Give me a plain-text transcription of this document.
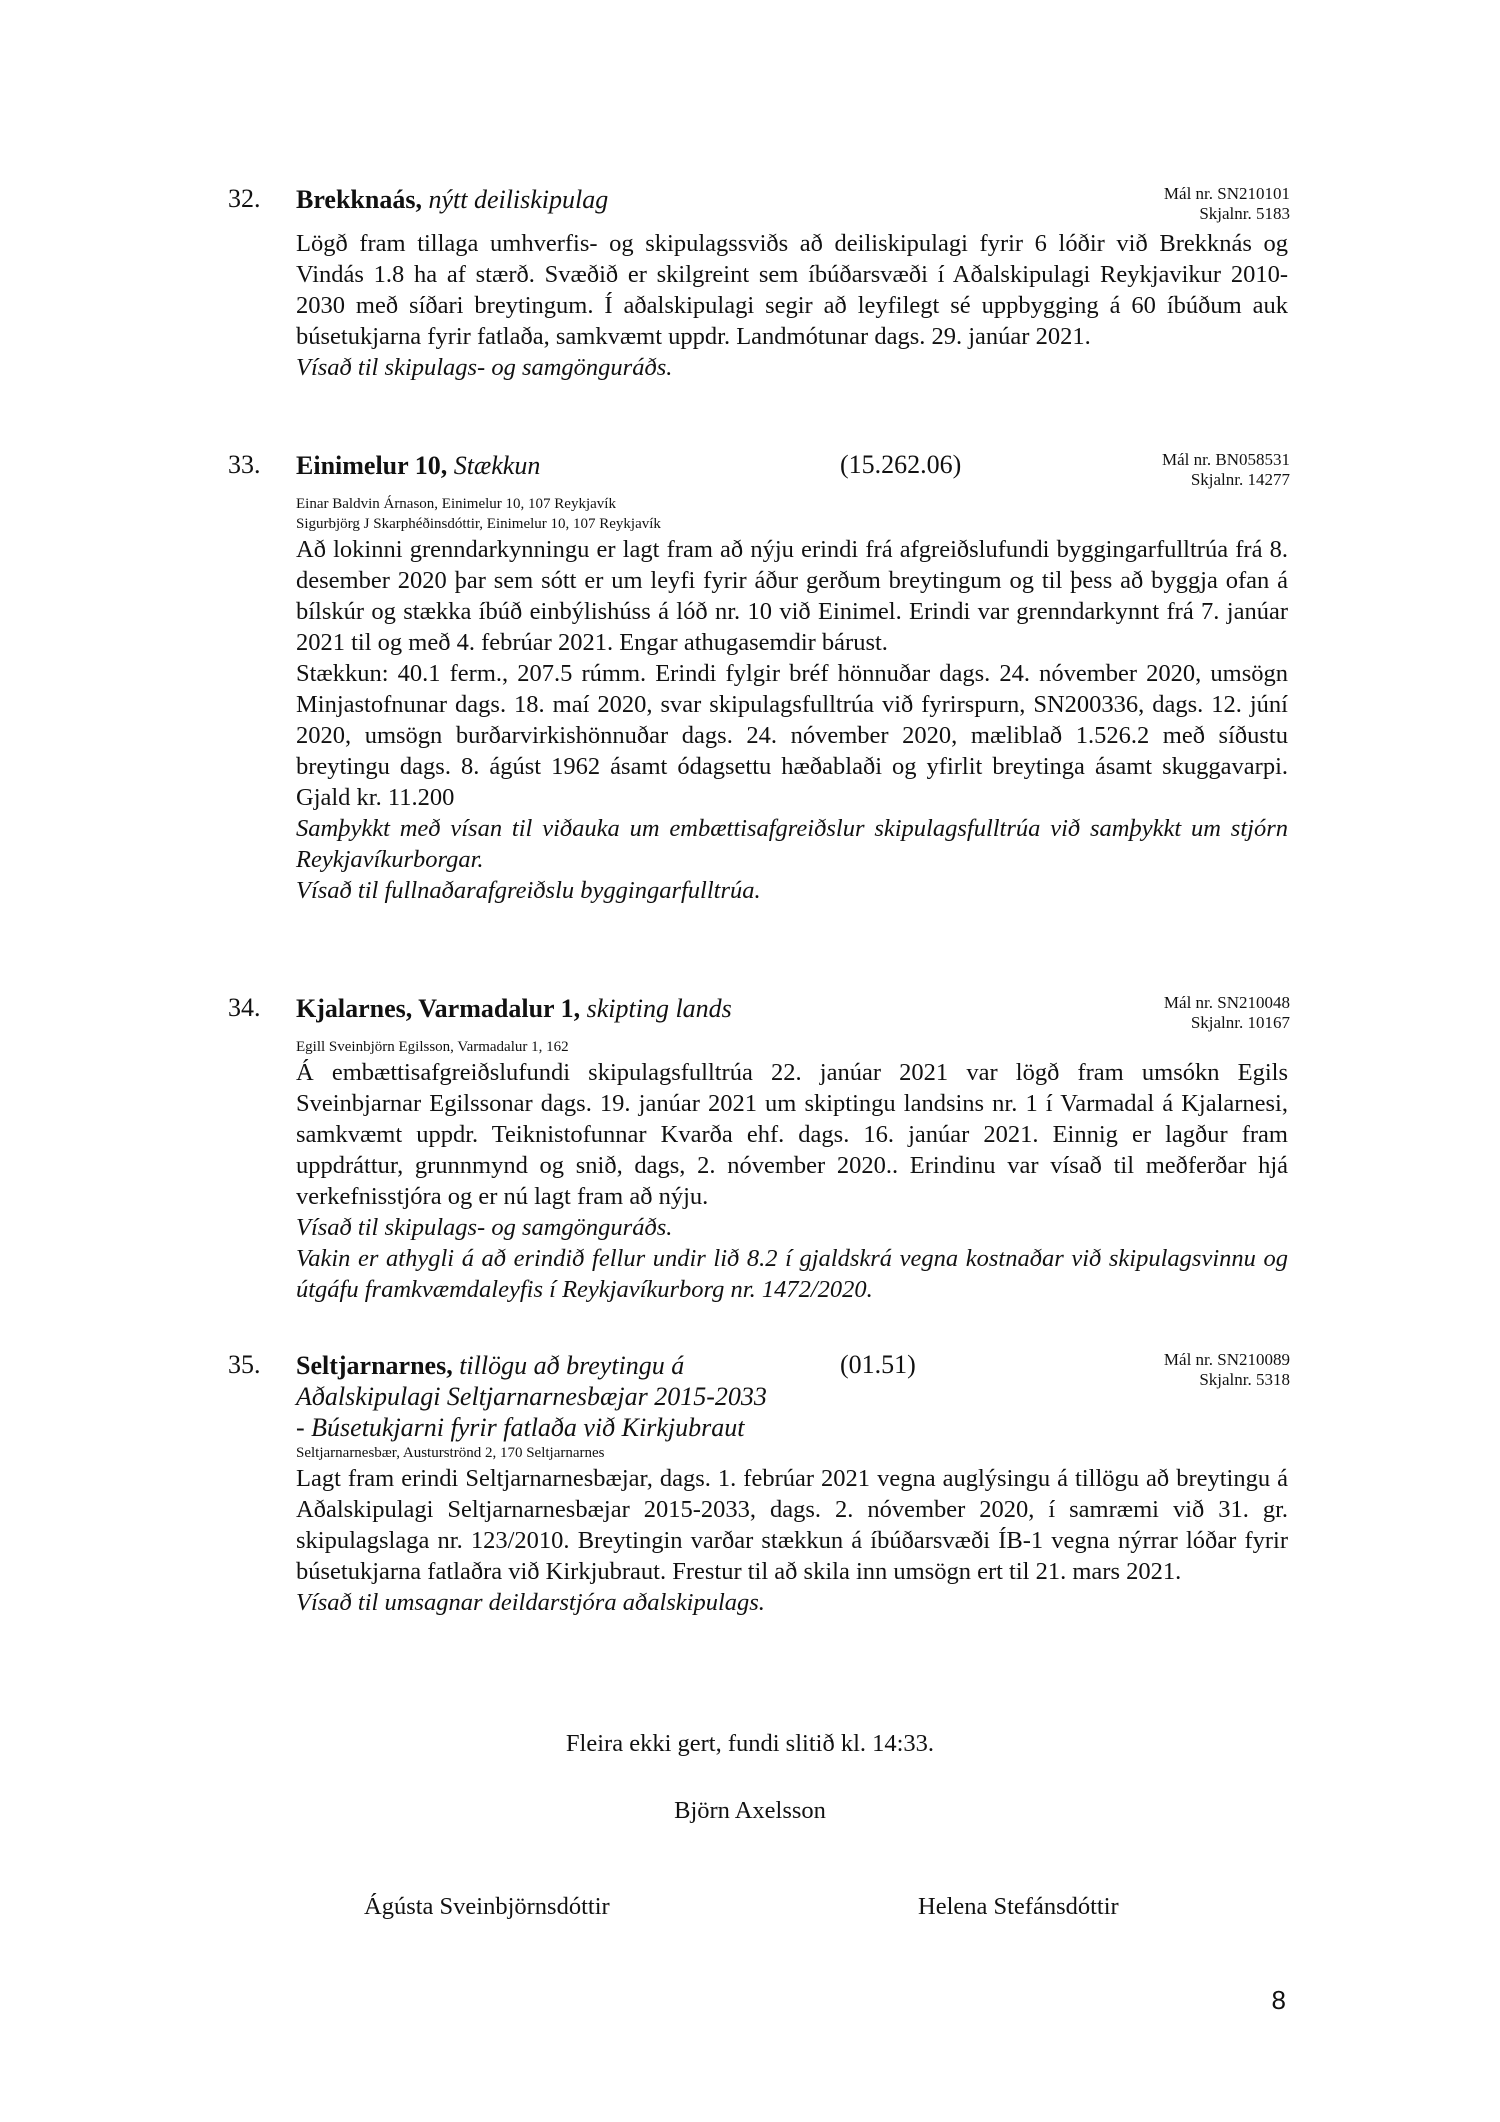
32. Brekknaás, nýtt deiliskipulag	Mál nr. SN210101
Skjalnr. 5183

Lögð fram tillaga umhverfis- og skipulagssviðs að deiliskipulagi fyrir 6 lóðir við Brekknás og Vindás 1.8 ha af stærð. Svæðið er skilgreint sem íbúðarsvæði í Aðalskipulagi Reykjavikur 2010-2030 með síðari breytingum. Í aðalskipulagi segir að leyfilegt sé uppbygging á 60 íbúðum auk búsetukjarna fyrir fatlaða, samkvæmt uppdr. Landmótunar dags. 29. janúar 2021.

Vísað til skipulags- og samgönguráðs.

33. Einimelur 10, Stækkun	(15.262.06)	Mál nr. BN058531
Skjalnr. 14277
Einar Baldvin Árnason, Einimelur 10, 107 Reykjavík
Sigurbjörg J Skarphéðinsdóttir, Einimelur 10, 107 Reykjavík

Að lokinni grenndarkynningu er lagt fram að nýju erindi frá afgreiðslufundi byggingarfulltrúa frá 8. desember 2020 þar sem sótt er um leyfi fyrir áður gerðum breytingum og til þess að byggja ofan á bílskúr og stækka íbúð einbýlishúss á lóð nr. 10 við Einimel. Erindi var grenndarkynnt frá 7. janúar 2021 til og með 4. febrúar 2021. Engar athugasemdir bárust.

Stækkun: 40.1 ferm., 207.5 rúmm. Erindi fylgir bréf hönnuðar dags. 24. nóvember 2020, umsögn Minjastofnunar dags. 18. maí 2020, svar skipulagsfulltrúa við fyrirspurn, SN200336, dags. 12. júní 2020, umsögn burðarvirkishönnuðar dags. 24. nóvember 2020, mæliblað 1.526.2 með síðustu breytingu dags. 8. ágúst 1962 ásamt ódagsettu hæðablaði og yfirlit breytinga ásamt skuggavarpi. Gjald kr. 11.200

Samþykkt með vísan til viðauka um embættisafgreiðslur skipulagsfulltrúa við samþykkt um stjórn Reykjavíkurborgar.

Vísað til fullnaðarafgreiðslu byggingarfulltrúa.

34. Kjalarnes, Varmadalur 1, skipting lands	Mál nr. SN210048
Skjalnr. 10167
Egill Sveinbjörn Egilsson, Varmadalur 1, 162

Á embættisafgreiðslufundi skipulagsfulltrúa 22. janúar 2021 var lögð fram umsókn Egils Sveinbjarnar Egilssonar dags. 19. janúar 2021 um skiptingu landsins nr. 1 í Varmadal á Kjalarnesi, samkvæmt uppdr. Teiknistofunnar Kvarða ehf. dags. 16. janúar 2021. Einnig er lagður fram uppdráttur, grunnmynd og snið, dags, 2. nóvember 2020.. Erindinu var vísað til meðferðar hjá verkefnisstjóra og er nú lagt fram að nýju.

Vísað til skipulags- og samgönguráðs.

Vakin er athygli á að erindið fellur undir lið 8.2 í gjaldskrá vegna kostnaðar við skipulagsvinnu og útgáfu framkvæmdaleyfis í Reykjavíkurborg nr. 1472/2020.

35. Seltjarnarnes, tillögu að breytingu á
Aðalskipulagi Seltjarnarnesbæjar 2015-2033
- Búsetukjarni fyrir fatlaða við Kirkjubraut
(01.51)	Mál nr. SN210089
Skjalnr. 5318
Seltjarnarnesbær, Austurströnd 2, 170 Seltjarnarnes

Lagt fram erindi Seltjarnarnesbæjar, dags. 1. febrúar 2021 vegna auglýsingu á tillögu að breytingu á Aðalskipulagi Seltjarnarnesbæjar 2015-2033, dags. 2. nóvember 2020, í samræmi við 31. gr. skipulagslaga nr. 123/2010. Breytingin varðar stækkun á íbúðarsvæði ÍB-1 vegna nýrrar lóðar fyrir búsetukjarna fatlaðra við Kirkjubraut. Frestur til að skila inn umsögn ert til 21. mars 2021.

Vísað til umsagnar deildarstjóra aðalskipulags.

Fleira ekki gert, fundi slitið kl. 14:33.
Björn Axelsson
Ágústa Sveinbjörnsdóttir	Helena Stefánsdóttir
8
